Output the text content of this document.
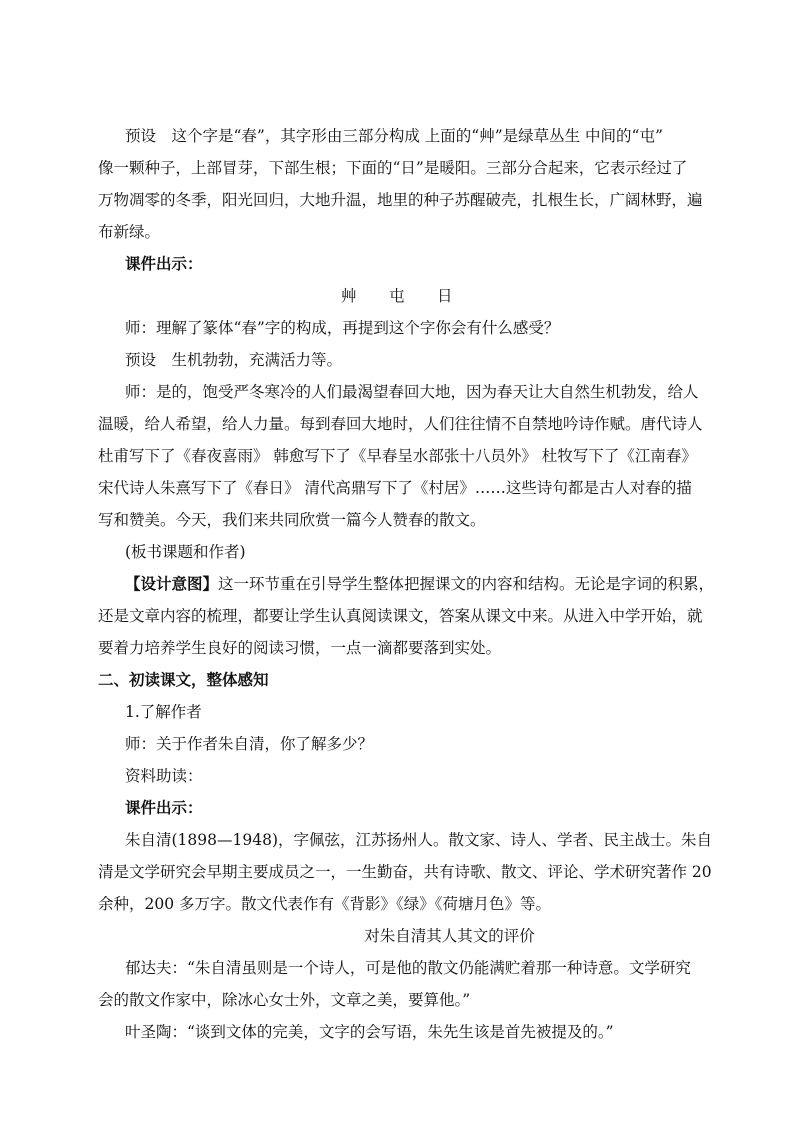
预设　这个字是“春”，其字形由三部分构成 上面的“艸”是绿草丛生 中间的“屯”
像一颗种子，上部冒芽，下部生根；下面的“日”是暖阳。三部分合起来，它表示经过了
万物凋零的冬季，阳光回归，大地升温，地里的种子苏醒破壳，扎根生长，广阔林野，遍
布新绿。
课件出示：
艸　　屯　　日
师：理解了篆体“春”字的构成，再提到这个字你会有什么感受？
预设　生机勃勃，充满活力等。
师：是的，饱受严冬寒冷的人们最渴望春回大地，因为春天让大自然生机勃发，给人
温暖，给人希望，给人力量。每到春回大地时，人们往往情不自禁地吟诗作赋。唐代诗人
杜甫写下了《春夜喜雨》 韩愈写下了《早春呈水部张十八员外》 杜牧写下了《江南春》
宋代诗人朱熹写下了《春日》 清代高鼎写下了《村居》……这些诗句都是古人对春的描
写和赞美。今天，我们来共同欣赏一篇今人赞春的散文。
(板书课题和作者)
【设计意图】这一环节重在引导学生整体把握课文的内容和结构。无论是字词的积累，
还是文章内容的梳理，都要让学生认真阅读课文，答案从课文中来。从进入中学开始，就
要着力培养学生良好的阅读习惯，一点一滴都要落到实处。
二、初读课文，整体感知
1.了解作者
师：关于作者朱自清，你了解多少？
资料助读：
课件出示：
朱自清(1898—1948)，字佩弦，江苏扬州人。散文家、诗人、学者、民主战士。朱自
清是文学研究会早期主要成员之一，一生勤奋，共有诗歌、散文、评论、学术研究著作 20
余种，200 多万字。散文代表作有《背影》《绿》《荷塘月色》等。
对朱自清其人其文的评价
郁达夫：“朱自清虽则是一个诗人，可是他的散文仍能满贮着那一种诗意。文学研究
会的散文作家中，除冰心女士外，文章之美，要算他。”
叶圣陶：“谈到文体的完美，文字的会写语，朱先生该是首先被提及的。”
